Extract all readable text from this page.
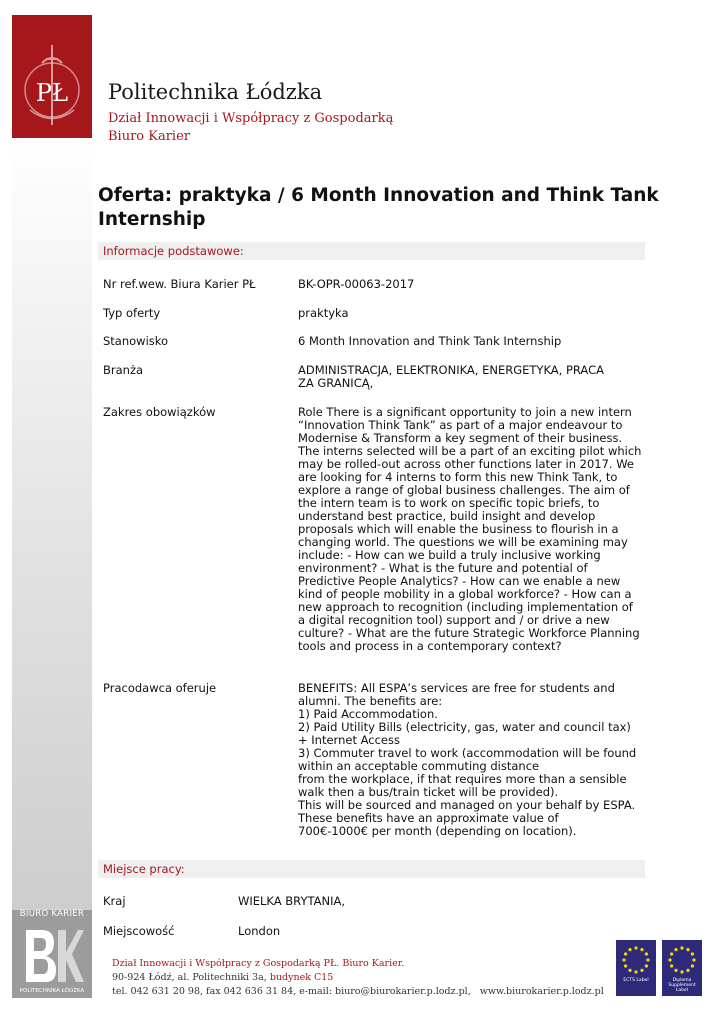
PŁ Politechnika Łódzka
Dział Innowacji i Współpracy z Gospodarką
Biuro Karier
Oferta: praktyka / 6 Month Innovation and Think Tank Internship
Informacje podstawowe:
Nr ref.wew. Biura Karier PŁ	BK-OPR-00063-2017
Typ oferty	praktyka
Stanowisko	6 Month Innovation and Think Tank Internship
Branża	ADMINISTRACJA, ELEKTRONIKA, ENERGETYKA, PRACA ZA GRANICĄ,
Zakres obowiązków	Role There is a significant opportunity to join a new intern “Innovation Think Tank” as part of a major endeavour to Modernise & Transform a key segment of their business. The interns selected will be a part of an exciting pilot which may be rolled-out across other functions later in 2017. We are looking for 4 interns to form this new Think Tank, to explore a range of global business challenges. The aim of the intern team is to work on specific topic briefs, to understand best practice, build insight and develop proposals which will enable the business to flourish in a changing world. The questions we will be examining may include: - How can we build a truly inclusive working environment? - What is the future and potential of Predictive People Analytics? - How can we enable a new kind of people mobility in a global workforce? - How can a new approach to recognition (including implementation of a digital recognition tool) support and / or drive a new culture? - What are the future Strategic Workforce Planning tools and process in a contemporary context?
Pracodawca oferuje	BENEFITS: All ESPA’s services are free for students and alumni. The benefits are:
1) Paid Accommodation.
2) Paid Utility Bills (electricity, gas, water and council tax) + Internet Access
3) Commuter travel to work (accommodation will be found within an acceptable commuting distance
from the workplace, if that requires more than a sensible walk then a bus/train ticket will be provided).
This will be sourced and managed on your behalf by ESPA.
These benefits have an approximate value of
700€-1000€ per month (depending on location).
Miejsce pracy:
Kraj	WIELKA BRYTANIA,
Miejscowość	London
BIURO KARIER
POLITECHNIKA ŁÓDZKA
Dział Innowacji i Współpracy z Gospodarką PŁ. Biuro Karier.
90-924 Łódź, al. Politechniki 3a, budynek C15
tel. 042 631 20 98, fax 042 636 31 84, e-mail: biuro@biurokarier.p.lodz.pl, www.biurokarier.p.lodz.pl
ECTS Label	Diploma Supplement Label
